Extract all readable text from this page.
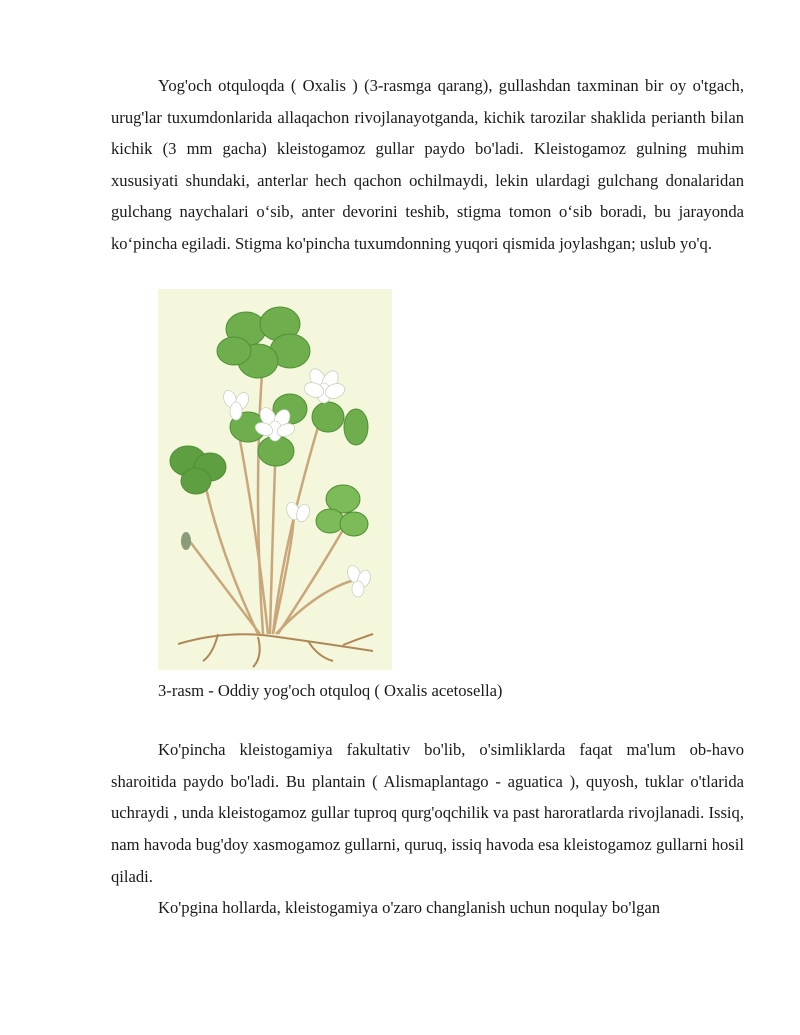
Yog'och otquloqda ( Oxalis ) (3-rasmga qarang), gullashdan taxminan bir oy o'tgach, urug'lar tuxumdonlarida allaqachon rivojlanayotganda, kichik tarozilar shaklida perianth bilan kichik (3 mm gacha) kleistogamoz gullar paydo bo'ladi. Kleistogamoz gulning muhim xususiyati shundaki, anterlar hech qachon ochilmaydi, lekin ulardagi gulchang donalaridan gulchang naychalari o‘sib, anter devorini teshib, stigma tomon o‘sib boradi, bu jarayonda ko‘pincha egiladi. Stigma ko'pincha tuxumdonning yuqori qismida joylashgan; uslub yo'q.

3-rasm - Oddiy yog'och otquloq ( Oxalis acetosella)

Ko'pincha kleistogamiya fakultativ bo'lib, o'simliklarda faqat ma'lum ob-havo sharoitida paydo bo'ladi. Bu plantain ( Alismaplantago - aguatica ), quyosh, tuklar o'tlarida uchraydi , unda kleistogamoz gullar tuproq qurg'oqchilik va past haroratlarda rivojlanadi. Issiq, nam havoda bug'doy xasmogamoz gullarni, quruq, issiq havoda esa kleistogamoz gullarni hosil qiladi.

Ko'pgina hollarda, kleistogamiya o'zaro changlanish uchun noqulay bo'lgan
